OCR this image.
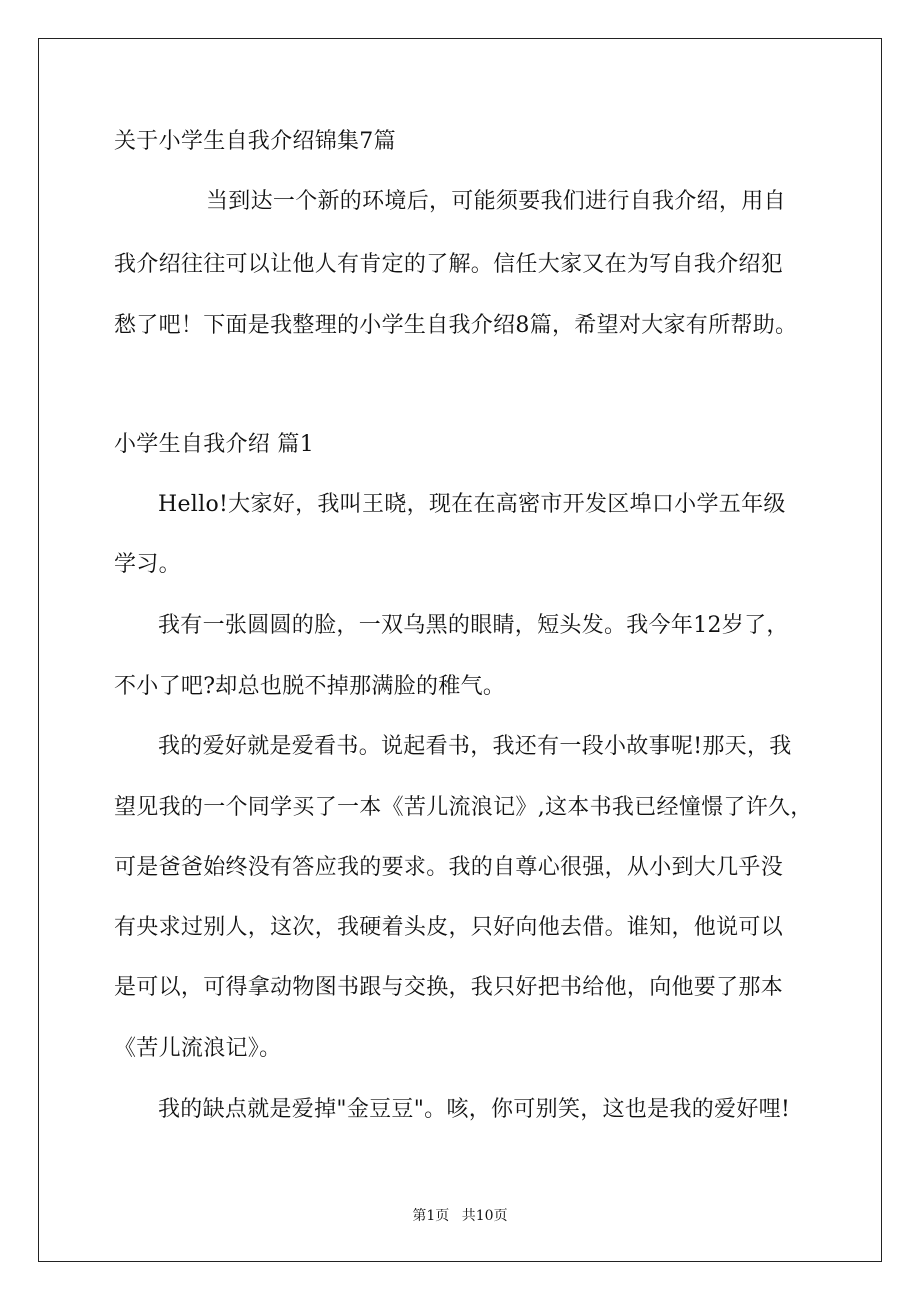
关于小学生自我介绍锦集7篇

当到达一个新的环境后，可能须要我们进行自我介绍，用自

我介绍往往可以让他人有肯定的了解。信任大家又在为写自我介绍犯

愁了吧！下面是我整理的小学生自我介绍8篇，希望对大家有所帮助。

小学生自我介绍 篇1

Hello!大家好，我叫王晓，现在在高密市开发区埠口小学五年级

学习。

我有一张圆圆的脸，一双乌黑的眼睛，短头发。我今年12岁了，

不小了吧?却总也脱不掉那满脸的稚气。

我的爱好就是爱看书。说起看书，我还有一段小故事呢!那天，我

望见我的一个同学买了一本《苦儿流浪记》,这本书我已经憧憬了许久，

可是爸爸始终没有答应我的要求。我的自尊心很强，从小到大几乎没

有央求过别人，这次，我硬着头皮，只好向他去借。谁知，他说可以

是可以，可得拿动物图书跟与交换，我只好把书给他，向他要了那本

《苦儿流浪记》。

我的缺点就是爱掉"金豆豆"。咳，你可别笑，这也是我的爱好哩!

第1页 共10页
